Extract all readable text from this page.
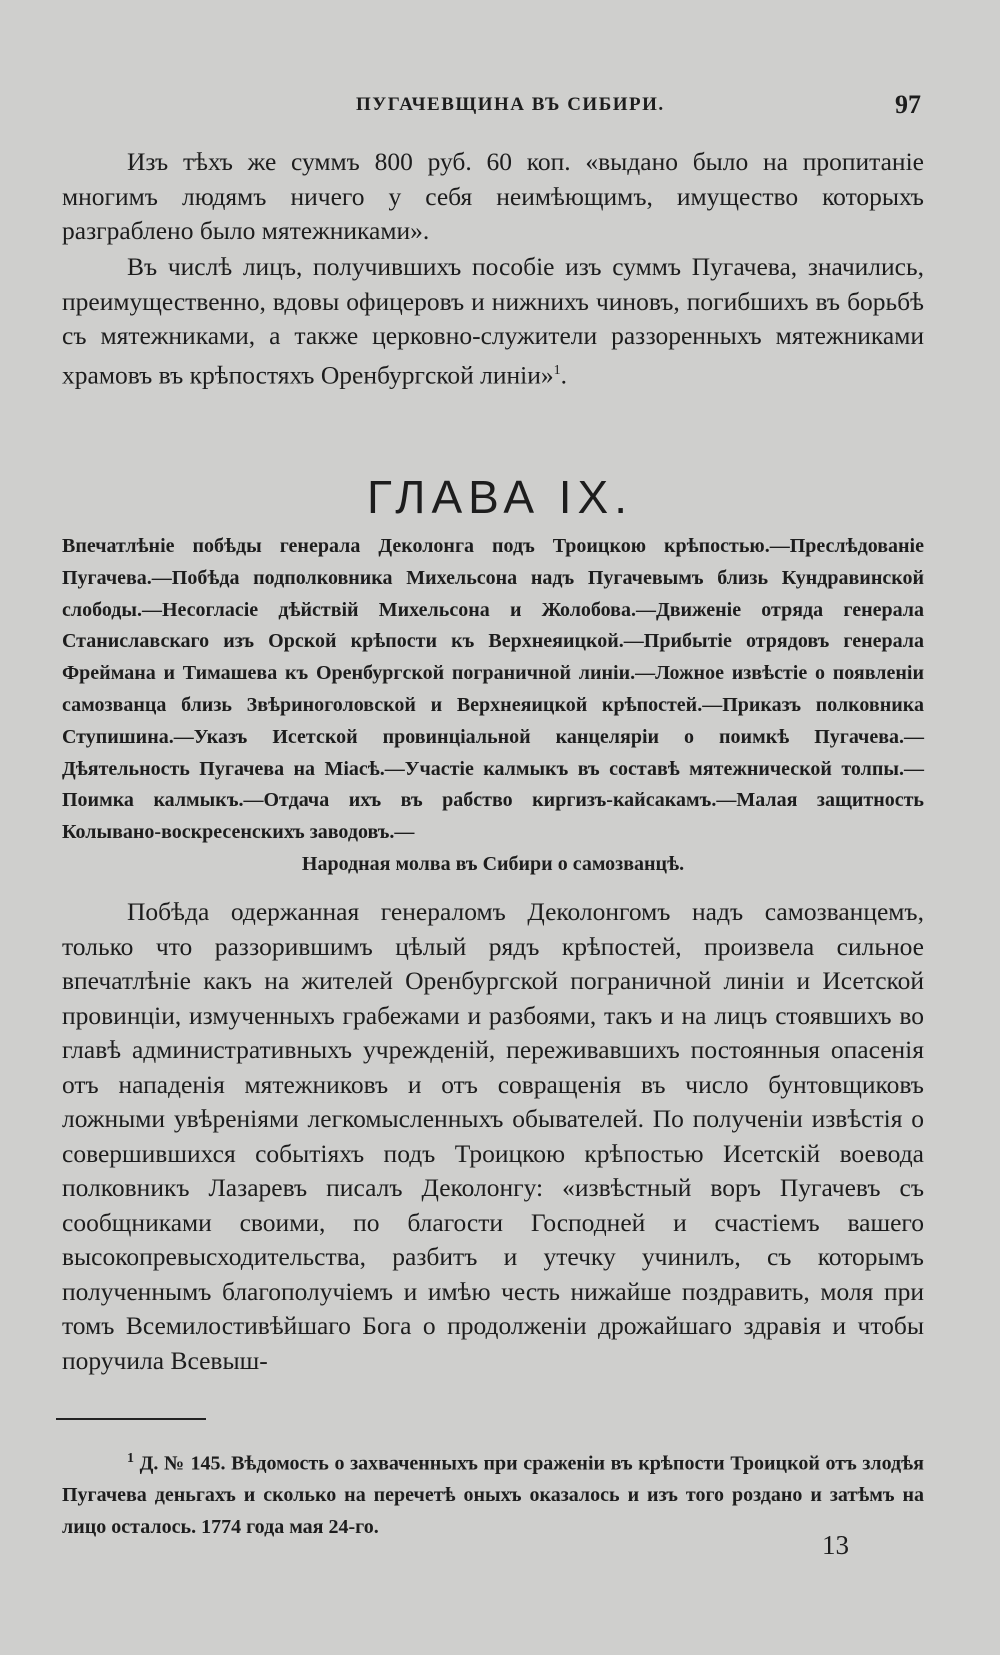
ПУГАЧЕВЩИНА ВЪ СИБИРИ.	97

Изъ тѣхъ же суммъ 800 руб. 60 коп. «выдано было на пропитаніе многимъ людямъ ничего у себя неимѣющимъ, имущество которыхъ разграблено было мятежниками».

Въ числѣ лицъ, получившихъ пособіе изъ суммъ Пугачева, значились, преимущественно, вдовы офицеровъ и нижнихъ чиновъ, погибшихъ въ борьбѣ съ мятежниками, а также церковно-служители раззоренныхъ мятежниками храмовъ въ крѣпостяхъ Оренбургской линіи»$^1$.

ГЛАВА IX.
Впечатлѣніе побѣды генерала Деколонга подъ Троицкою крѣпостью.—Преслѣдованіе Пугачева.—Побѣда подполковника Михельсона надъ Пугачевымъ близь Кундравинской слободы.—Несогласіе дѣйствій Михельсона и Жолобова.—Движеніе отряда генерала Станиславскаго изъ Орской крѣпости къ Верхнеяицкой.—Прибытіе отрядовъ генерала Фреймана и Тимашева къ Оренбургской пограничной линіи.—Ложное извѣстіе о появленіи самозванца близь Звѣриноголовской и Верхнеяицкой крѣпостей.—Приказъ полковника Ступишина.—Указъ Исетской провинціальной канцеляріи о поимкѣ Пугачева.—Дѣятельность Пугачева на Міасѣ.—Участіе калмыкъ въ составѣ мятежнической толпы.—Поимка калмыкъ.—Отдача ихъ въ рабство киргизъ-кайсакамъ.—Малая защитность Колывано-воскресенскихъ заводовъ.—
Народная молва въ Сибири о самозванцѣ.

Побѣда одержанная генераломъ Деколонгомъ надъ самозванцемъ, только что раззорившимъ цѣлый рядъ крѣпостей, произвела сильное впечатлѣніе какъ на жителей Оренбургской пограничной линіи и Исетской провинціи, измученныхъ грабежами и разбоями, такъ и на лицъ стоявшихъ во главѣ административныхъ учрежденій, переживавшихъ постоянныя опасенія отъ нападенія мятежниковъ и отъ совращенія въ число бунтовщиковъ ложными увѣреніями легкомысленныхъ обывателей. По полученіи извѣстія о совершившихся событіяхъ подъ Троицкою крѣпостью Исетскій воевода полковникъ Лазаревъ писалъ Деколонгу: «извѣстный воръ Пугачевъ съ сообщниками своими, по благости Господней и счастіемъ вашего высокопревысходительства, разбитъ и утечку учинилъ, съ которымъ полученнымъ благополучіемъ и имѣю честь нижайше поздравить, моля при томъ Всемилостивѣйшаго Бога о продолженіи дрожайшаго здравія и чтобы поручила Всевыш-

$^1$ Д. № 145. Вѣдомость о захваченныхъ при сраженіи въ крѣпости Троицкой отъ злодѣя Пугачева деньгахъ и сколько на перечетѣ оныхъ оказалось и изъ того роздано и затѣмъ на лицо осталось. 1774 года мая 24-го.
13
